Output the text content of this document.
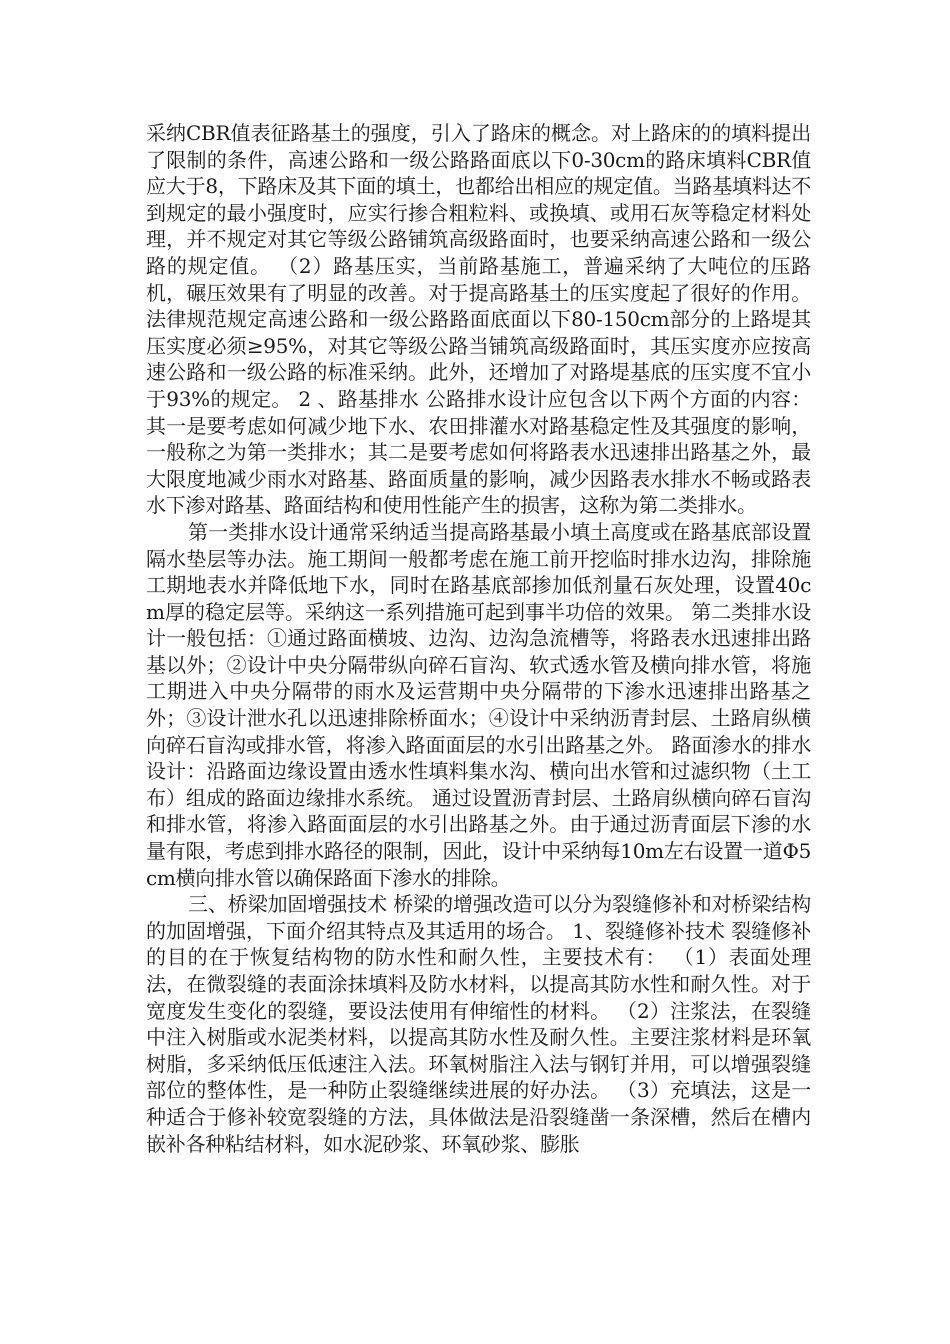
采纳CBR值表征路基土的强度，引入了路床的概念。对上路床的的填料提出了限制的条件，高速公路和一级公路路面底以下0-30cm的路床填料CBR值应大于8，下路床及其下面的填土，也都给出相应的规定值。当路基填料达不到规定的最小强度时，应实行掺合粗粒料、或换填、或用石灰等稳定材料处理，并不规定对其它等级公路铺筑高级路面时，也要采纳高速公路和一级公路的规定值。 （2）路基压实，当前路基施工，普遍采纳了大吨位的压路机，碾压效果有了明显的改善。对于提高路基土的压实度起了很好的作用。法律规范规定高速公路和一级公路路面底面以下80-150cm部分的上路堤其压实度必须≥95%，对其它等级公路当铺筑高级路面时，其压实度亦应按高速公路和一级公路的标准采纳。此外，还增加了对路堤基底的压实度不宜小于93%的规定。 2 、路基排水 公路排水设计应包含以下两个方面的内容：其一是要考虑如何减少地下水、农田排灌水对路基稳定性及其强度的影响，一般称之为第一类排水；其二是要考虑如何将路表水迅速排出路基之外，最大限度地减少雨水对路基、路面质量的影响，减少因路表水排水不畅或路表水下渗对路基、路面结构和使用性能产生的损害，这称为第二类排水。

第一类排水设计通常采纳适当提高路基最小填土高度或在路基底部设置隔水垫层等办法。施工期间一般都考虑在施工前开挖临时排水边沟，排除施工期地表水并降低地下水，同时在路基底部掺加低剂量石灰处理，设置40cm厚的稳定层等。采纳这一系列措施可起到事半功倍的效果。 第二类排水设计一般包括：①通过路面横坡、边沟、边沟急流槽等，将路表水迅速排出路基以外；②设计中央分隔带纵向碎石盲沟、软式透水管及横向排水管，将施工期进入中央分隔带的雨水及运营期中央分隔带的下渗水迅速排出路基之外；③设计泄水孔以迅速排除桥面水；④设计中采纳沥青封层、土路肩纵横向碎石盲沟或排水管，将渗入路面面层的水引出路基之外。 路面渗水的排水设计：沿路面边缘设置由透水性填料集水沟、横向出水管和过滤织物（土工布）组成的路面边缘排水系统。 通过设置沥青封层、土路肩纵横向碎石盲沟和排水管，将渗入路面面层的水引出路基之外。由于通过沥青面层下渗的水量有限，考虑到排水路径的限制，因此，设计中采纳每10m左右设置一道Φ5cm横向排水管以确保路面下渗水的排除。

三、桥梁加固增强技术 桥梁的增强改造可以分为裂缝修补和对桥梁结构的加固增强，下面介绍其特点及其适用的场合。 1、裂缝修补技术 裂缝修补的目的在于恢复结构物的防水性和耐久性，主要技术有： （1）表面处理法，在微裂缝的表面涂抹填料及防水材料，以提高其防水性和耐久性。对于宽度发生变化的裂缝，要设法使用有伸缩性的材料。 （2）注浆法，在裂缝中注入树脂或水泥类材料，以提高其防水性及耐久性。主要注浆材料是环氧树脂，多采纳低压低速注入法。环氧树脂注入法与钢钉并用，可以增强裂缝部位的整体性，是一种防止裂缝继续进展的好办法。 （3）充填法，这是一种适合于修补较宽裂缝的方法，具体做法是沿裂缝凿一条深槽，然后在槽内嵌补各种粘结材料，如水泥砂浆、环氧砂浆、膨胀
